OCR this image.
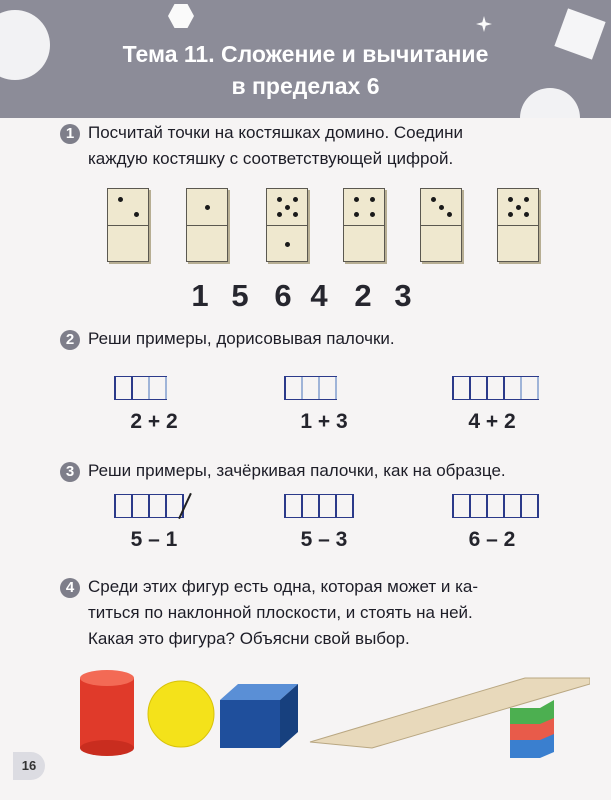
Тема 11. Сложение и вычитание
в пределах 6
1 Посчитай точки на костяшках домино. Соедини
каждую костяшку с соответствующей цифрой.
1 5 6 4 2 3
2 Реши примеры, дорисовывая палочки.
2 + 2	1 + 3	4 + 2
3 Реши примеры, зачёркивая палочки, как на образце.
5 – 1	5 – 3	6 – 2
4 Среди этих фигур есть одна, которая может и ка-
титься по наклонной плоскости, и стоять на ней.
Какая это фигура? Объясни свой выбор.
16
